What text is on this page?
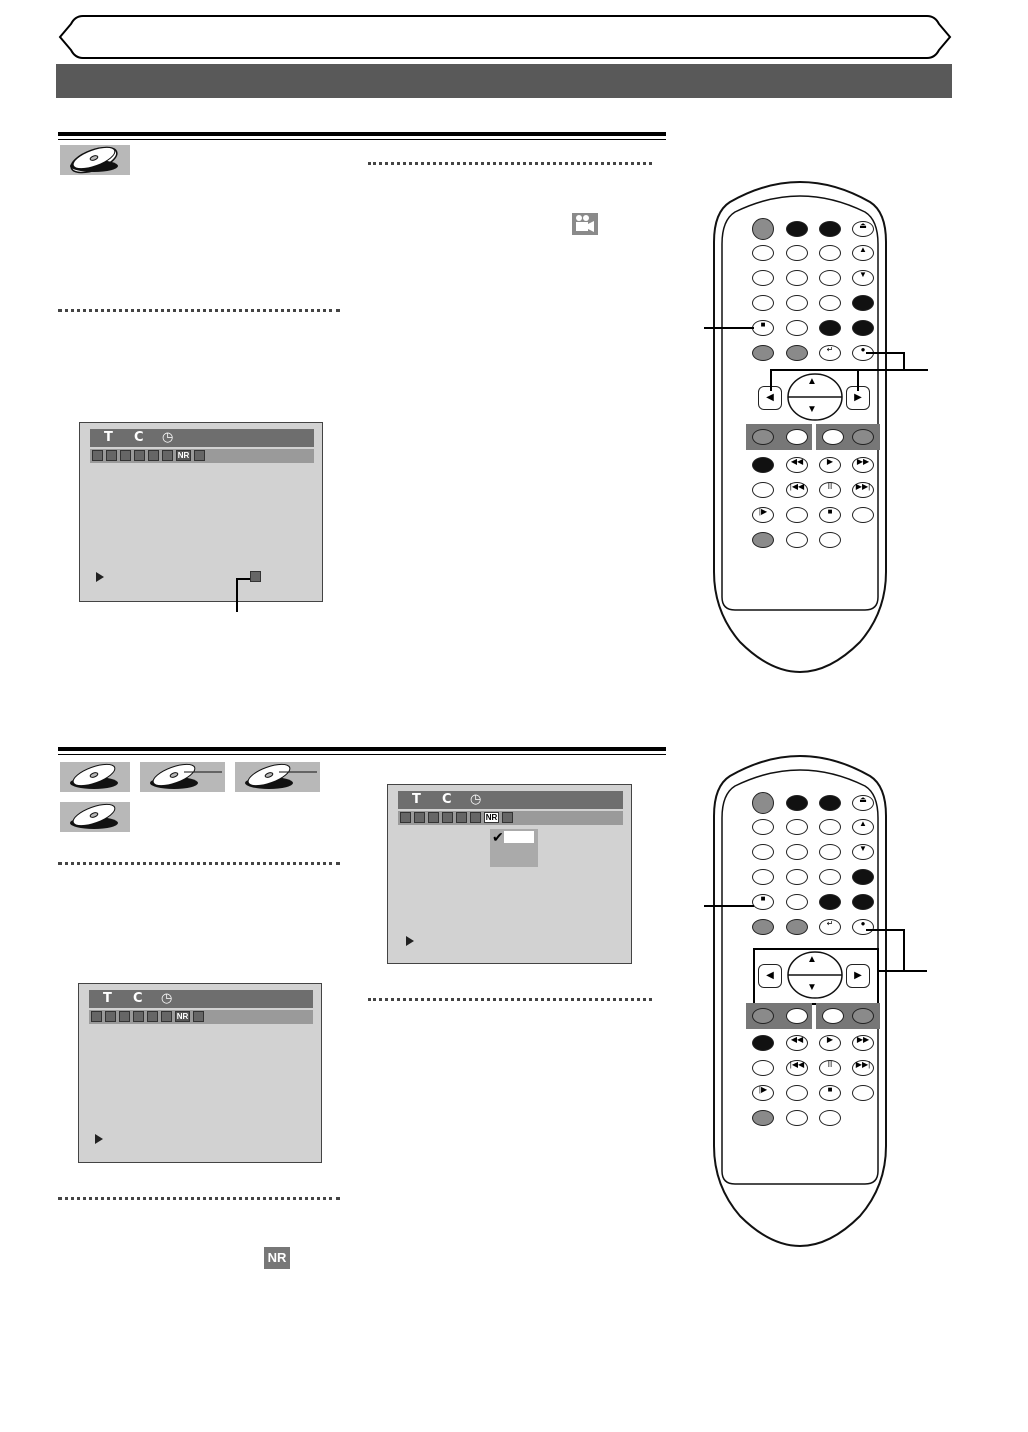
T C ◷
NR
T C ◷
NR
NR
T C ◷
NR
✔
⏏
▲
▼
■
↵	●
▲
▼
◀	▶
◀◀	▶	▶▶
|◀◀	II	▶▶|
|▶	■
⏏
▲
▼
■
↵	●
▲
▼
◀	▶
◀◀	▶	▶▶
|◀◀	II	▶▶|
|▶	■
